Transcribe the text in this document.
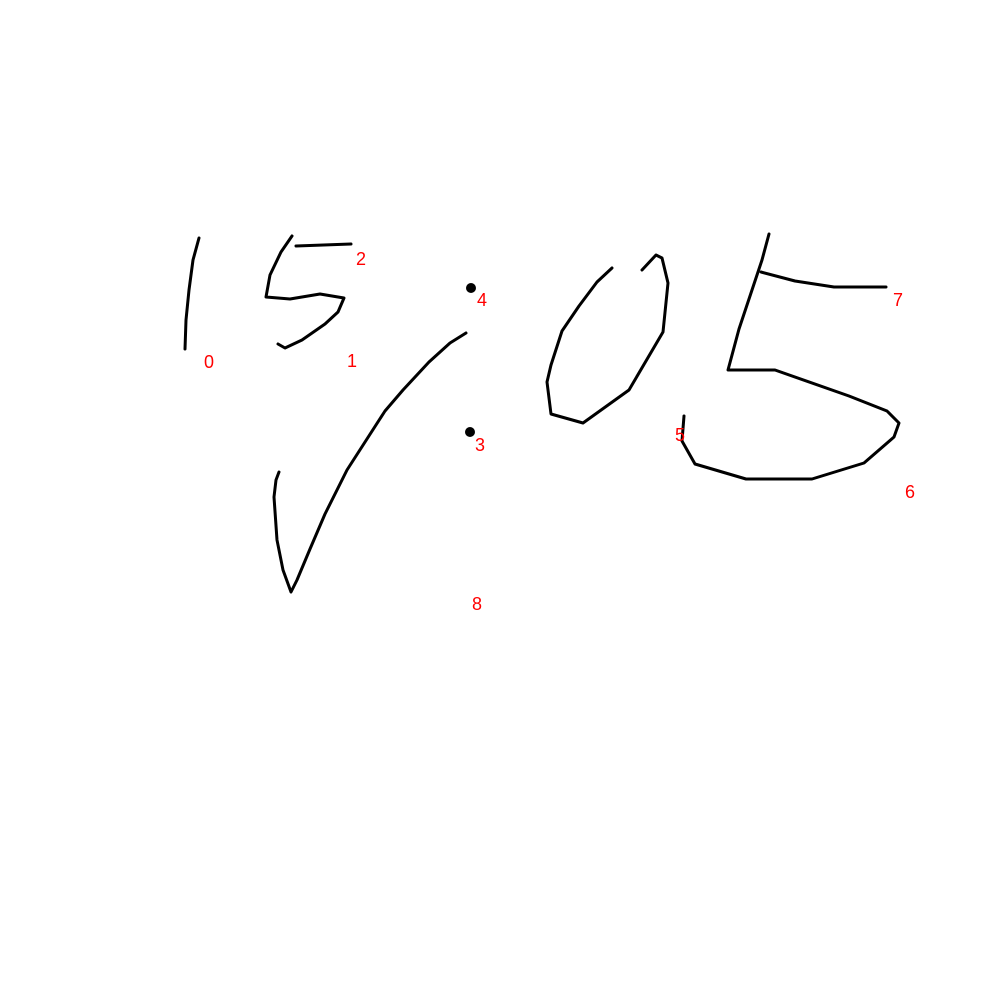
0	1
2
3
4
5
6
7
8
